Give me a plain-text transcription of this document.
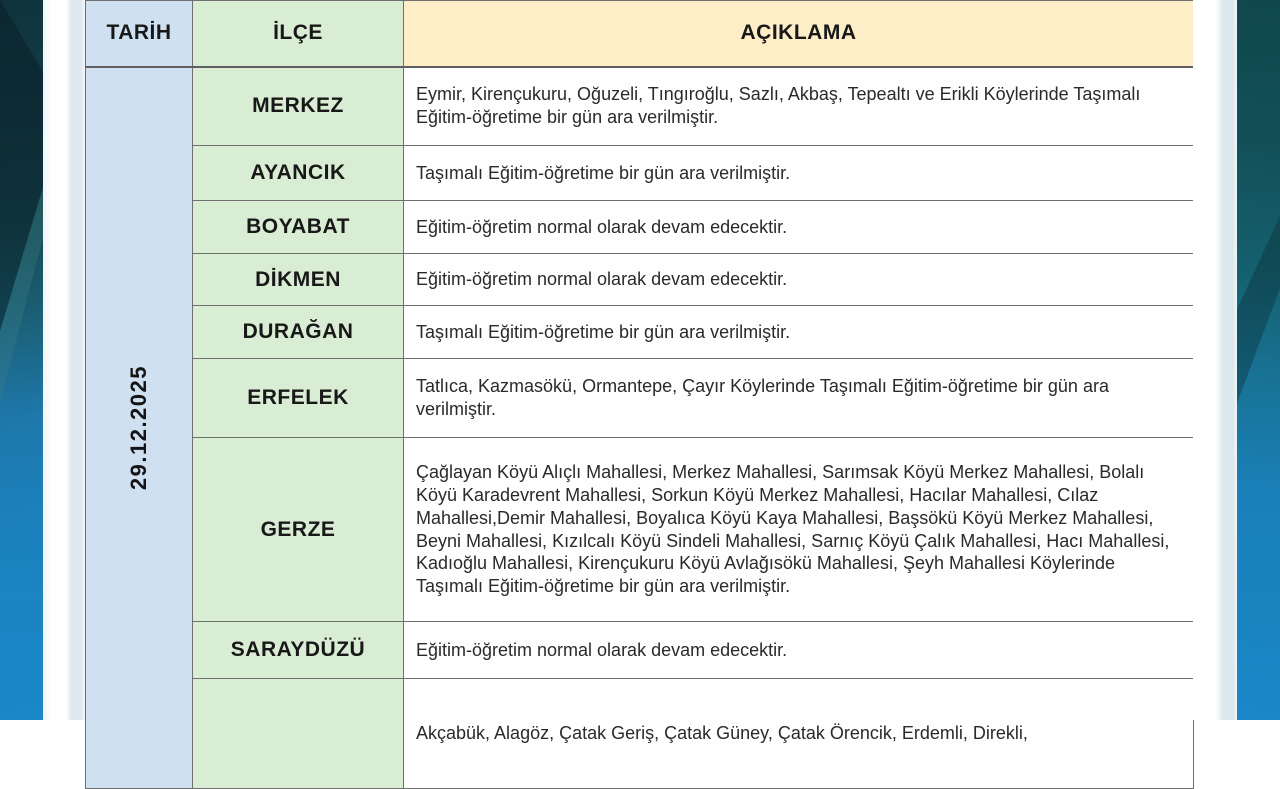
TARİH	İLÇE	AÇIKLAMA

29.12.2025	MERKEZ	Eymir, Kirençukuru, Oğuzeli, Tıngıroğlu, Sazlı, Akbaş, Tepealtı ve Erikli Köylerinde Taşımalı Eğitim-öğretime bir gün ara verilmiştir.
	AYANCIK	Taşımalı Eğitim-öğretime bir gün ara verilmiştir.
	BOYABAT	Eğitim-öğretim normal olarak devam edecektir.
	DİKMEN	Eğitim-öğretim normal olarak devam edecektir.
	DURAĞAN	Taşımalı Eğitim-öğretime bir gün ara verilmiştir.
	ERFELEK	Tatlıca, Kazmasökü, Ormantepe, Çayır Köylerinde Taşımalı Eğitim-öğretime bir gün ara verilmiştir.
	GERZE	Çağlayan Köyü Alıçlı Mahallesi, Merkez Mahallesi, Sarımsak Köyü Merkez Mahallesi, Bolalı Köyü Karadevrent Mahallesi, Sorkun Köyü Merkez Mahallesi, Hacılar Mahallesi, Cılaz Mahallesi,Demir Mahallesi, Boyalıca Köyü Kaya Mahallesi, Başsökü Köyü Merkez Mahallesi, Beyni Mahallesi, Kızılcalı Köyü Sindeli Mahallesi, Sarnıç Köyü Çalık Mahallesi, Hacı Mahallesi, Kadıoğlu Mahallesi, Kirençukuru Köyü Avlağısökü Mahallesi, Şeyh Mahallesi Köylerinde Taşımalı Eğitim-öğretime bir gün ara verilmiştir.
	SARAYDÜZÜ	Eğitim-öğretim normal olarak devam edecektir.
		Akçabük, Alagöz, Çatak Geriş, Çatak Güney, Çatak Örencik, Erdemli, Direkli,
